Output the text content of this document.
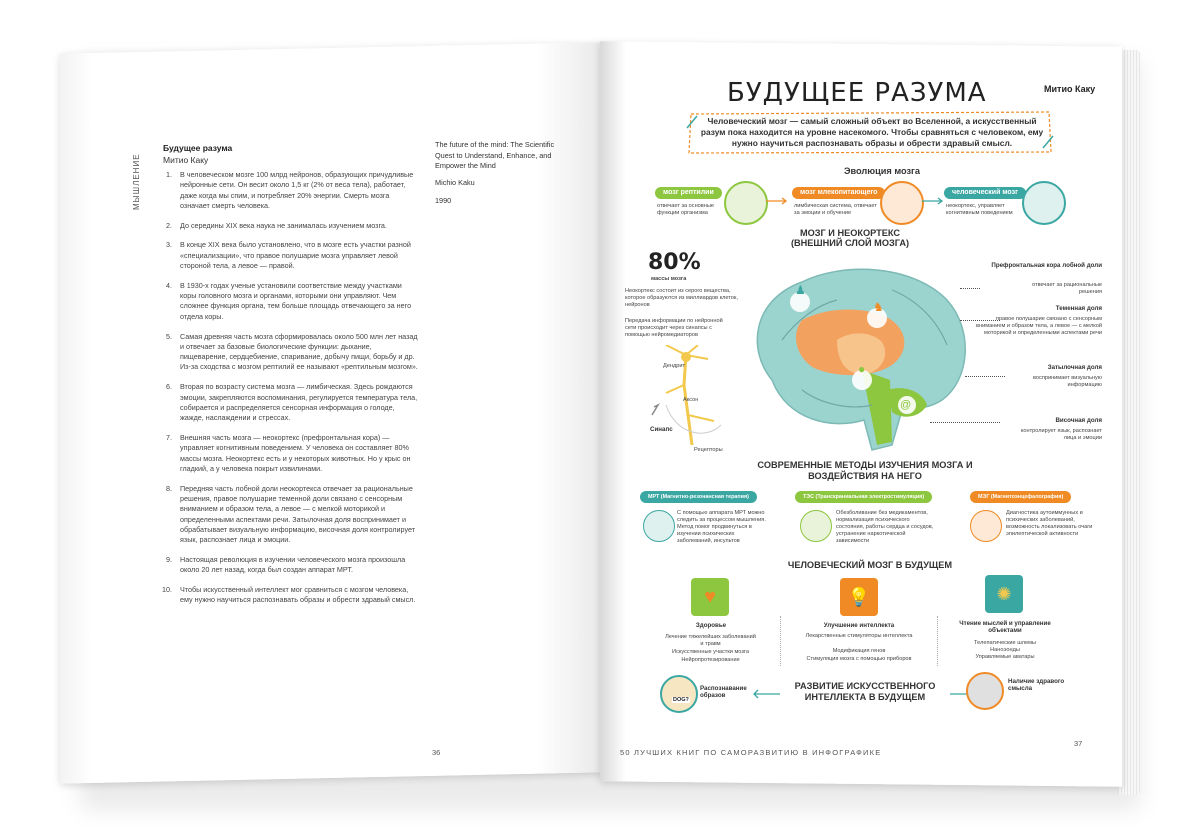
МЫШЛЕНИЕ
Будущее разума
Митио Каку
1. В человеческом мозге 100 млрд нейронов, образующих причудливые нейронные сети. Он весит около 1,5 кг (2% от веса тела), работает, даже когда мы спим, и потребляет 20% энергии. Смерть мозга означает смерть человека.
2. До середины XIX века наука не занималась изучением мозга.
3. В конце XIX века было установлено, что в мозге есть участки разной «специализации», что правое полушарие мозга управляет левой стороной тела, а левое — правой.
4. В 1930-х годах ученые установили соответствие между участками коры головного мозга и органами, которыми они управляют. Чем сложнее функция органа, тем больше площадь отвечающего за него отдела коры.
5. Самая древняя часть мозга сформировалась около 500 млн лет назад и отвечает за базовые биологические функции: дыхание, пищеварение, сердцебиение, спаривание, добычу пищи, борьбу и др. Из-за сходства с мозгом рептилий ее называют «рептильным мозгом».
6. Вторая по возрасту система мозга — лимбическая. Здесь рождаются эмоции, закрепляются воспоминания, регулируется температура тела, собирается и распределяется сенсорная информация о голоде, жажде, наслаждении и стрессах.
7. Внешняя часть мозга — неокортекс (префронтальная кора) — управляет когнитивным поведением. У человека он составляет 80% массы мозга. Неокортекс есть и у некоторых животных. Но у крыс он гладкий, а у человека покрыт извилинами.
8. Передняя часть лобной доли неокортекса отвечает за рациональные решения, правое полушарие теменной доли связано с сенсорным вниманием и образом тела, а левое — с мелкой моторикой и определенными аспектами речи. Затылочная доля воспринимает и обрабатывает визуальную информацию, височная доля контролирует язык, распознает лица и эмоции.
9. Настоящая революция в изучении человеческого мозга произошла около 20 лет назад, когда был создан аппарат МРТ.
10. Чтобы искусственный интеллект мог сравниться с мозгом человека, ему нужно научиться распознавать образы и обрести здравый смысл.
The future of the mind: The Scientific Quest to Understand, Enhance, and Empower the Mind
Michio Kaku
1990
36
БУДУЩЕЕ РАЗУМА	Митио Каку
Человеческий мозг — самый сложный объект во Вселенной, а искусственный разум пока находится на уровне насекомого. Чтобы сравняться с человеком, ему нужно научиться распознавать образы и обрести здравый смысл.
Эволюция мозга
мозг рептилии
отвечает за основные функции организма
мозг млекопитающего
лимбическая система, отвечает за эмоции и обучение
человеческий мозг
неокортекс, управляет когнитивным поведением
МОЗГ И НЕОКОРТЕКС (ВНЕШНИЙ СЛОЙ МОЗГА)
80%
массы мозга
Неокортекс состоит из серого вещества, которое образуются из миллиардов клеток, нейронов
Передача информации по нейронной сети происходит через синапсы с помощью нейромедиаторов
Дендрит
Аксон
Синапс
Рецепторы
♟
♞
●
@
Префронтальная кора лобной доли
отвечает за рациональные решения
Теменная доля
правое полушарие связано с сенсорным вниманием и образом тела, а левое — с мелкой моторикой и определенными аспектами речи
Затылочная доля
воспринимает визуальную информацию
Височная доля
контролирует язык, распознает лица и эмоции
СОВРЕМЕННЫЕ МЕТОДЫ ИЗУЧЕНИЯ МОЗГА И ВОЗДЕЙСТВИЯ НА НЕГО
МРТ (Магнитно-резонансная терапия)
С помощью аппарата МРТ можно следить за процессом мышления. Метод помог продвинуться в изучении психических заболеваний, инсультов
ТЭС (Транскраниальная электростимуляция)
Обезболивание без медикаментов, нормализация психического состояния, работы сердца и сосудов, устранение наркотической зависимости
МЭГ (Магнитоэнцефалография)
Диагностика аутоиммунных и психических заболеваний, возможность локализовать очаги эпилептической активности
ЧЕЛОВЕЧЕСКИЙ МОЗГ В БУДУЩЕМ
♥
Здоровье
Лечение тяжелейших заболеваний и травм
Искусственные участки мозга
Нейропротезирование
💡
Улучшение интеллекта
Лекарственные стимуляторы интеллекта
Модификация генов
Стимуляция мозга с помощью приборов
✺
Чтение мыслей и управление объектами
Телепатические шлемы
Наноэонды
Управляемые аватары
РАЗВИТИЕ ИСКУССТВЕННОГО ИНТЕЛЛЕКТА В БУДУЩЕМ
DOG?
Распознавание образов
Наличие здравого смысла
50 ЛУЧШИХ КНИГ ПО САМОРАЗВИТИЮ В ИНФОГРАФИКЕ
37
